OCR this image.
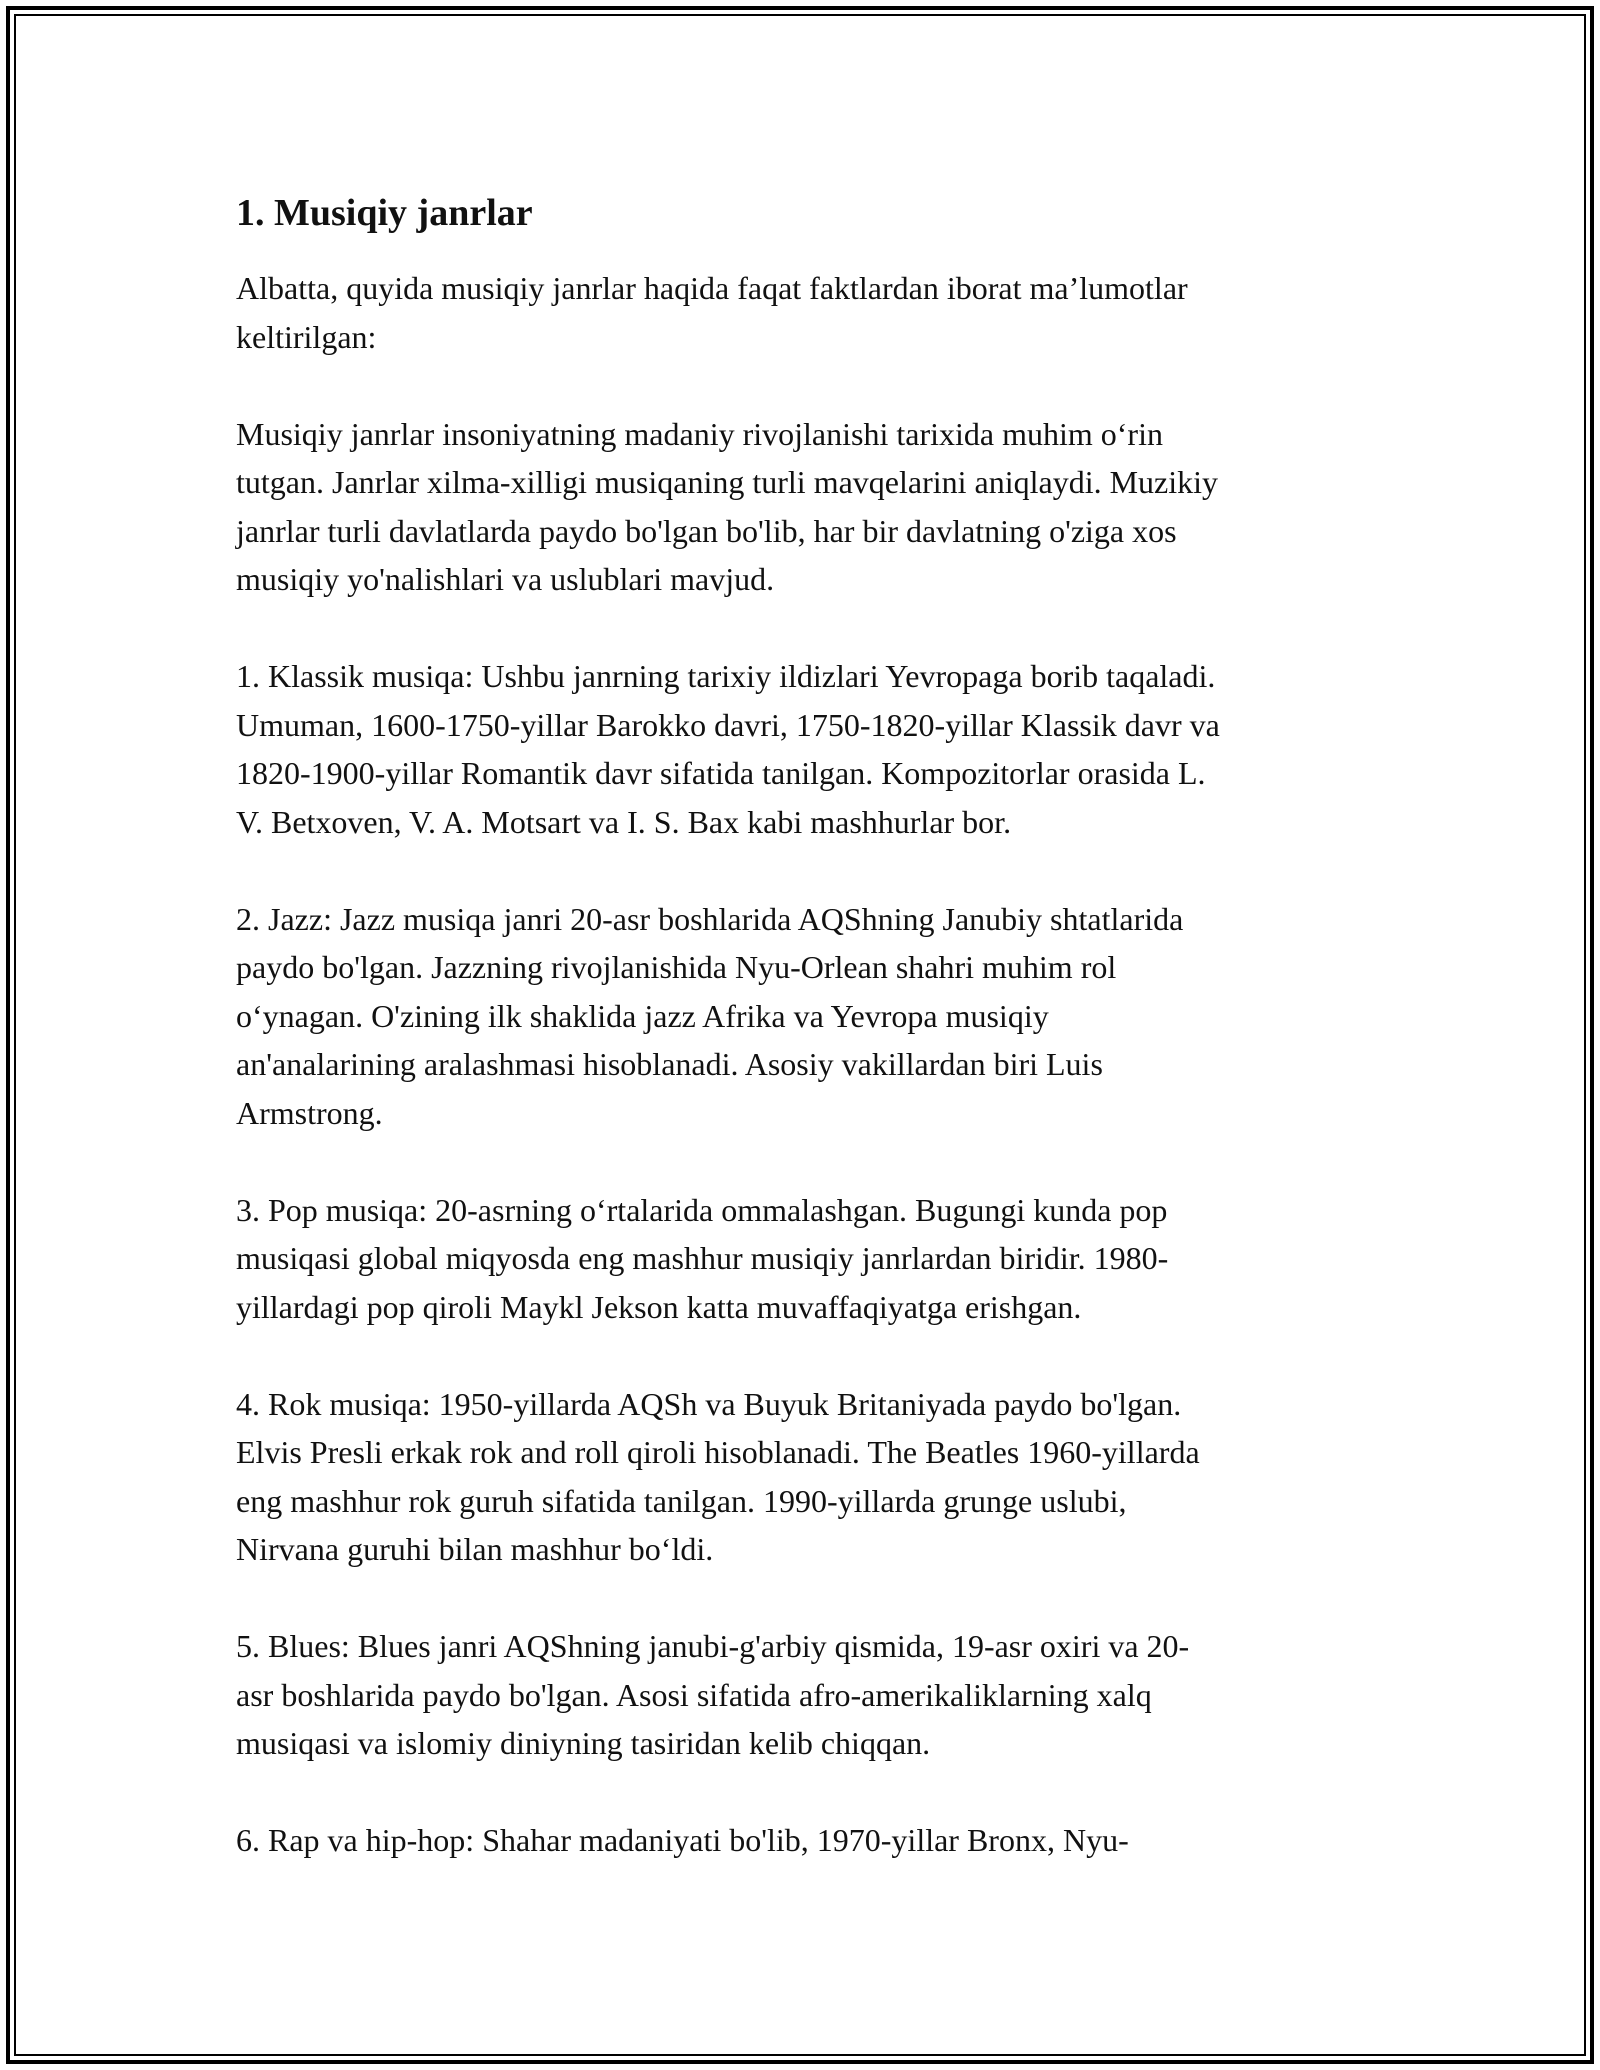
1. Musiqiy janrlar

Albatta, quyida musiqiy janrlar haqida faqat faktlardan iborat ma’lumotlar
keltirilgan:

Musiqiy janrlar insoniyatning madaniy rivojlanishi tarixida muhim o‘rin
tutgan. Janrlar xilma-xilligi musiqaning turli mavqelarini aniqlaydi. Muzikiy
janrlar turli davlatlarda paydo bo'lgan bo'lib, har bir davlatning o'ziga xos
musiqiy yo'nalishlari va uslublari mavjud.

1. Klassik musiqa: Ushbu janrning tarixiy ildizlari Yevropaga borib taqaladi.
Umuman, 1600-1750-yillar Barokko davri, 1750-1820-yillar Klassik davr va
1820-1900-yillar Romantik davr sifatida tanilgan. Kompozitorlar orasida L.
V. Betxoven, V. A. Motsart va I. S. Bax kabi mashhurlar bor.

2. Jazz: Jazz musiqa janri 20-asr boshlarida AQShning Janubiy shtatlarida
paydo bo'lgan. Jazzning rivojlanishida Nyu-Orlean shahri muhim rol
o‘ynagan. O'zining ilk shaklida jazz Afrika va Yevropa musiqiy
an'analarining aralashmasi hisoblanadi. Asosiy vakillardan biri Luis
Armstrong.

3. Pop musiqa: 20-asrning o‘rtalarida ommalashgan. Bugungi kunda pop
musiqasi global miqyosda eng mashhur musiqiy janrlardan biridir. 1980-
yillardagi pop qiroli Maykl Jekson katta muvaffaqiyatga erishgan.

4. Rok musiqa: 1950-yillarda AQSh va Buyuk Britaniyada paydo bo'lgan.
Elvis Presli erkak rok and roll qiroli hisoblanadi. The Beatles 1960-yillarda
eng mashhur rok guruh sifatida tanilgan. 1990-yillarda grunge uslubi,
Nirvana guruhi bilan mashhur bo‘ldi.

5. Blues: Blues janri AQShning janubi-g'arbiy qismida, 19-asr oxiri va 20-
asr boshlarida paydo bo'lgan. Asosi sifatida afro-amerikaliklarning xalq
musiqasi va islomiy diniyning tasiridan kelib chiqqan.

6. Rap va hip-hop: Shahar madaniyati bo'lib, 1970-yillar Bronx, Nyu-
